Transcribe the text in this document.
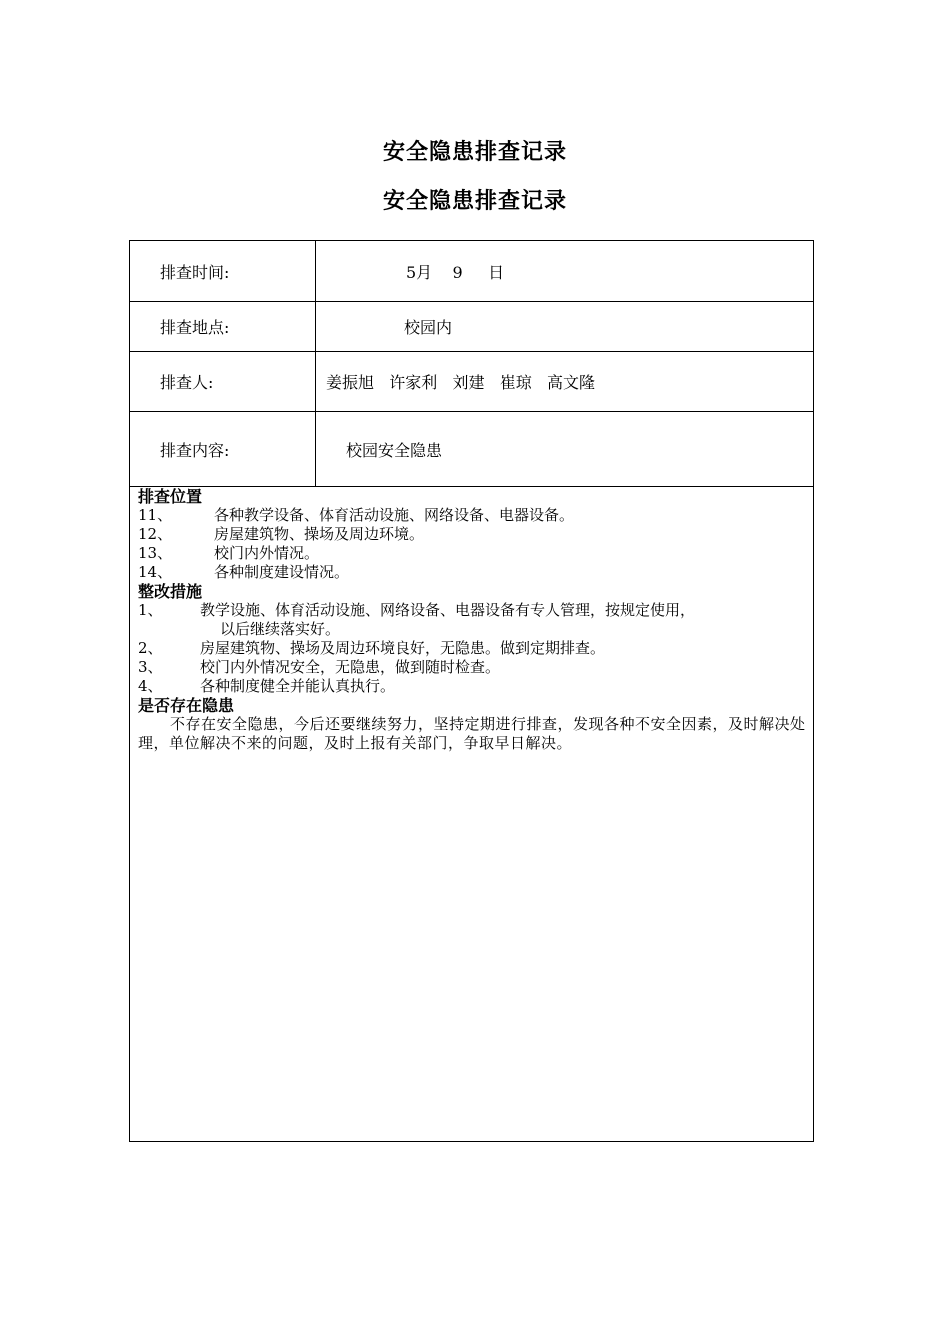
安全隐患排查记录
安全隐患排查记录
排查时间:	5月    9     日
排查地点:	校园内
排查人:	姜振旭   许家利   刘建   崔琼   高文隆
排查内容:	校园安全隐患
排查位置
11、	各种教学设备、体育活动设施、网络设备、电器设备。
12、	房屋建筑物、操场及周边环境。
13、	校门内外情况。
14、	各种制度建设情况。
整改措施
1、 教学设施、体育活动设施、网络设备、电器设备有专人管理，按规定使用，
以后继续落实好。
2、 房屋建筑物、操场及周边环境良好，无隐患。做到定期排查。
3、 校门内外情况安全，无隐患，做到随时检查。
4、 各种制度健全并能认真执行。
是否存在隐患
不存在安全隐患，今后还要继续努力，坚持定期进行排查，发现各种不安全因素，及时解决处理，单位解决不来的问题，及时上报有关部门，争取早日解决。
